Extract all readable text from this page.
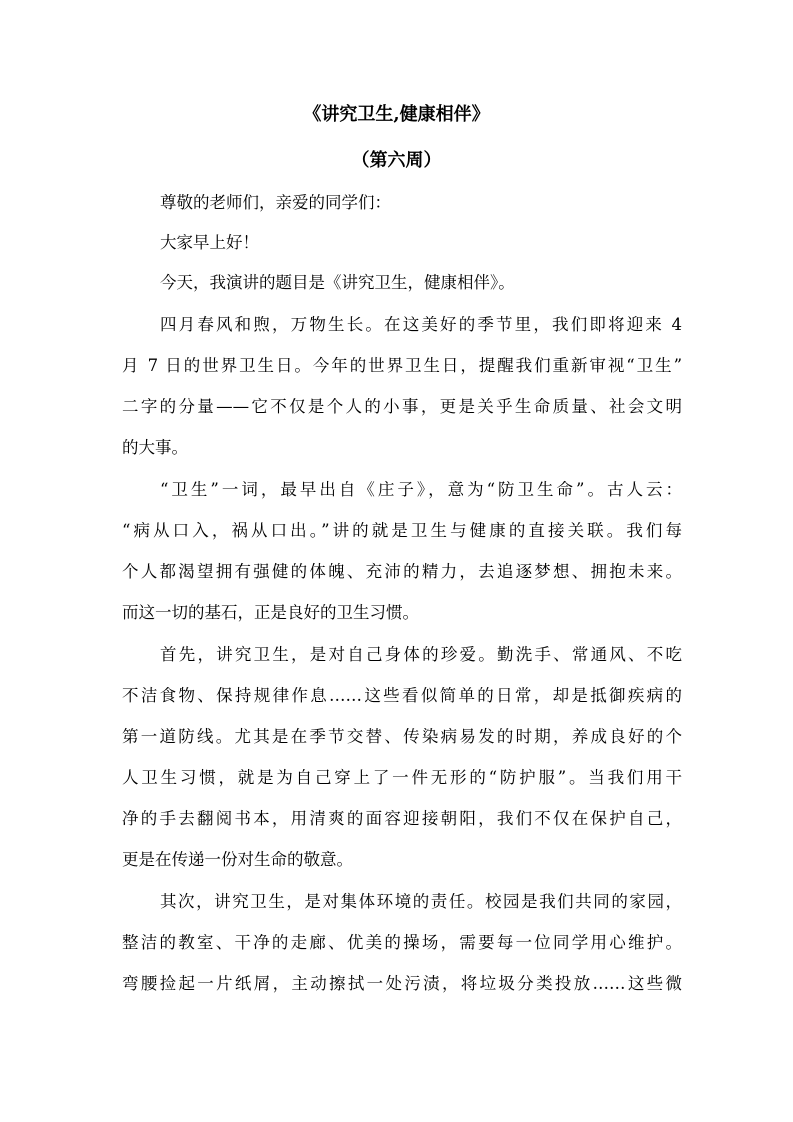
《讲究卫生,健康相伴》

（第六周）

尊敬的老师们，亲爱的同学们：

大家早上好！

今天，我演讲的题目是《讲究卫生，健康相伴》。

四月春风和煦，万物生长。在这美好的季节里，我们即将迎来 4

月 7 日的世界卫生日。今年的世界卫生日，提醒我们重新审视“卫生”

二字的分量——它不仅是个人的小事，更是关乎生命质量、社会文明

的大事。

“卫生”一词，最早出自《庄子》，意为“防卫生命”。古人云：

“病从口入，祸从口出。”讲的就是卫生与健康的直接关联。我们每

个人都渴望拥有强健的体魄、充沛的精力，去追逐梦想、拥抱未来。

而这一切的基石，正是良好的卫生习惯。

首先，讲究卫生，是对自己身体的珍爱。勤洗手、常通风、不吃

不洁食物、保持规律作息……这些看似简单的日常，却是抵御疾病的

第一道防线。尤其是在季节交替、传染病易发的时期，养成良好的个

人卫生习惯，就是为自己穿上了一件无形的“防护服”。当我们用干

净的手去翻阅书本，用清爽的面容迎接朝阳，我们不仅在保护自己，

更是在传递一份对生命的敬意。

其次，讲究卫生，是对集体环境的责任。校园是我们共同的家园，

整洁的教室、干净的走廊、优美的操场，需要每一位同学用心维护。

弯腰捡起一片纸屑，主动擦拭一处污渍，将垃圾分类投放……这些微
